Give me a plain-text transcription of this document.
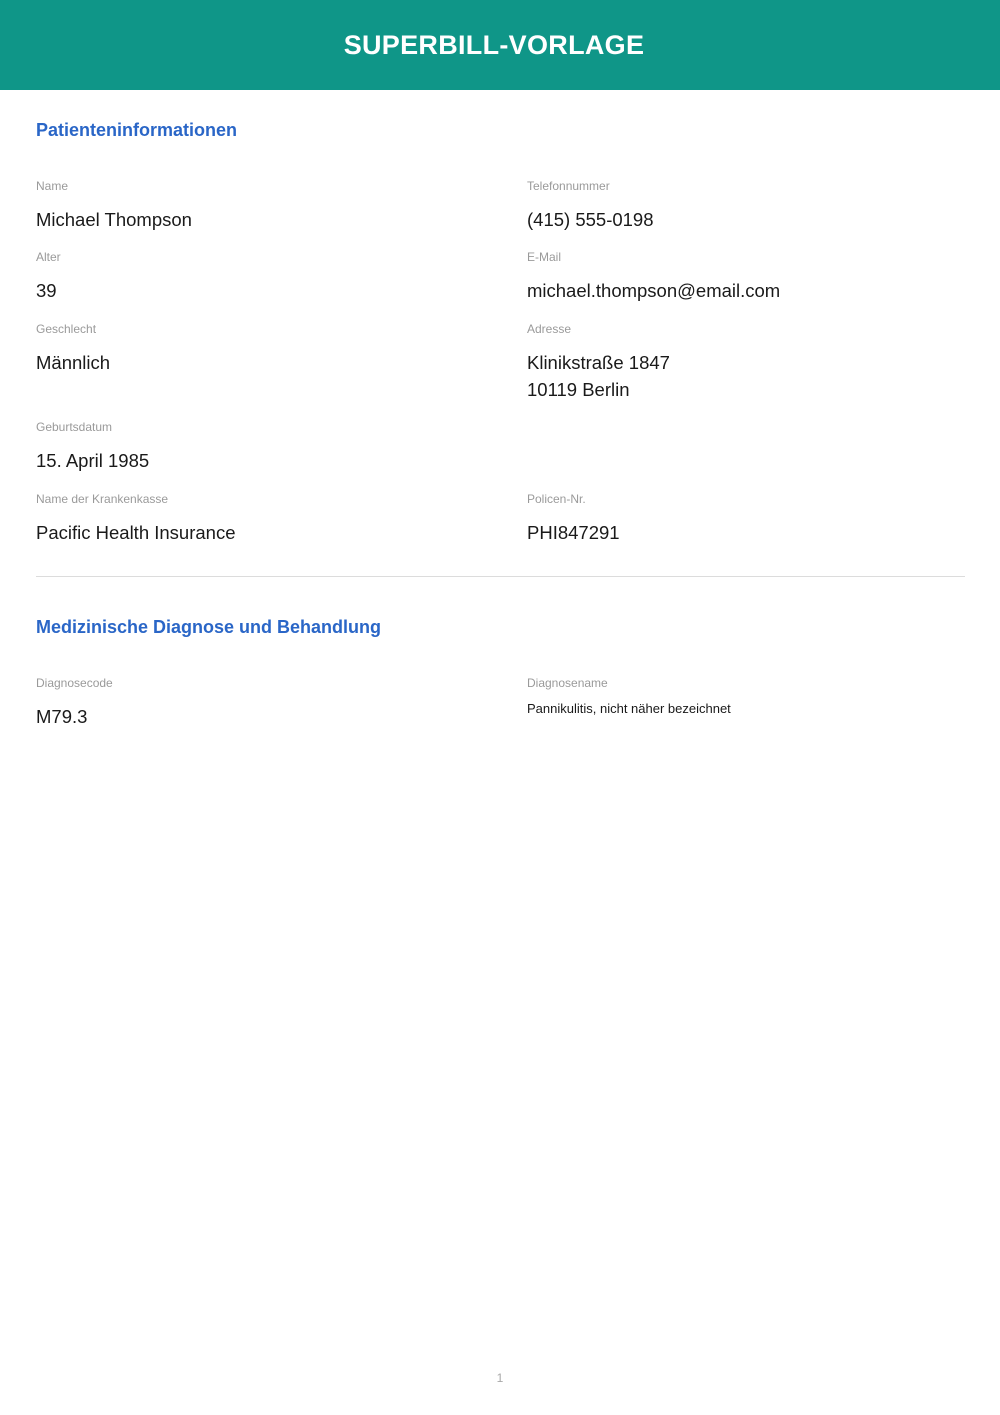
SUPERBILL-VORLAGE
Patienteninformationen
Name
Michael Thompson
Telefonnummer
(415) 555-0198
Alter
39
E-Mail
michael.thompson@email.com
Geschlecht
Männlich
Adresse
Klinikstraße 1847
10119 Berlin
Geburtsdatum
15. April 1985
Name der Krankenkasse
Pacific Health Insurance
Policen-Nr.
PHI847291
Medizinische Diagnose und Behandlung
Diagnosecode
M79.3
Diagnosename
Pannikulitis, nicht näher bezeichnet
1
